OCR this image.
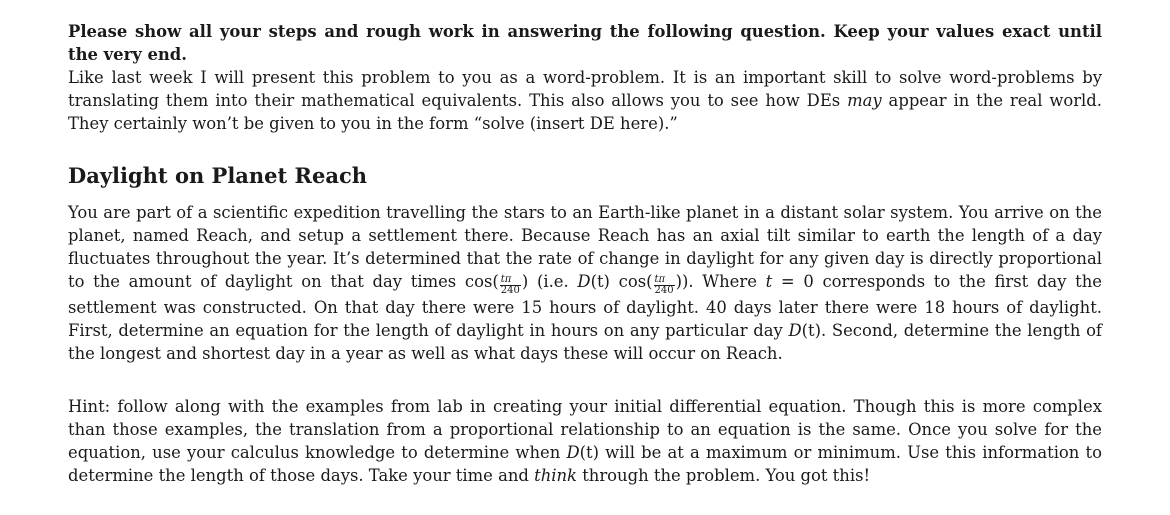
Please show all your steps and rough work in answering the following question. Keep your values exact until the very end.

Like last week I will present this problem to you as a word-problem. It is an important skill to solve word-problems by translating them into their mathematical equivalents. This also allows you to see how DEs may appear in the real world. They certainly won’t be given to you in the form “solve (insert DE here).”

Daylight on Planet Reach

You are part of a scientific expedition travelling the stars to an Earth-like planet in a distant solar system. You arrive on the planet, named Reach, and setup a settlement there. Because Reach has an axial tilt similar to earth the length of a day fluctuates throughout the year. It’s determined that the rate of change in daylight for any given day is directly proportional to the amount of daylight on that day times $\cos( \frac{t\pi}{240}$ ) (i.e. D(t) $\cos( \frac{t\pi}{240}$ )). Where t = 0 corresponds to the first day the settlement was constructed. On that day there were 15 hours of daylight. 40 days later there were 18 hours of daylight. First, determine an equation for the length of daylight in hours on any particular day D(t). Second, determine the length of the longest and shortest day in a year as well as what days these will occur on Reach.

Hint: follow along with the examples from lab in creating your initial differential equation. Though this is more complex than those examples, the translation from a proportional relationship to an equation is the same. Once you solve for the equation, use your calculus knowledge to determine when D(t) will be at a maximum or minimum. Use this information to determine the length of those days. Take your time and think through the problem. You got this!
